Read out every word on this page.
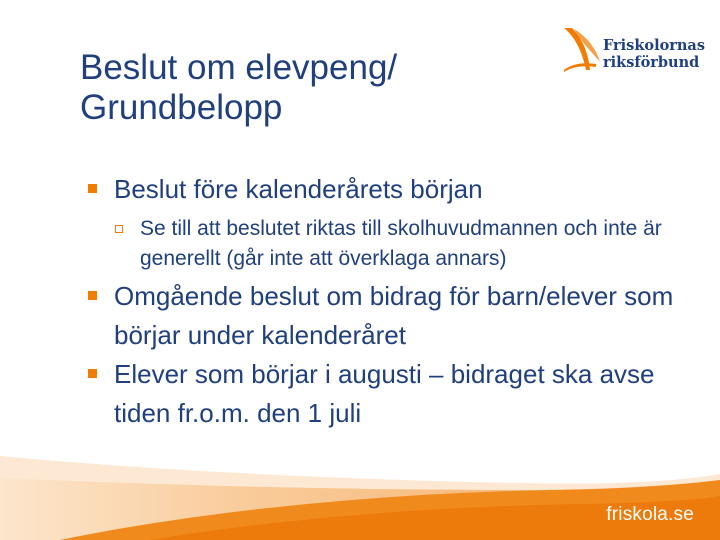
Beslut om elevpeng/
Grundbelopp
Friskolornas
riksförbund
Beslut före kalenderårets början
Se till att beslutet riktas till skolhuvudmannen och inte är generellt (går inte att överklaga annars)
Omgående beslut om bidrag för barn/elever som börjar under kalenderåret
Elever som börjar i augusti – bidraget ska avse tiden fr.o.m. den 1 juli
friskola.se
